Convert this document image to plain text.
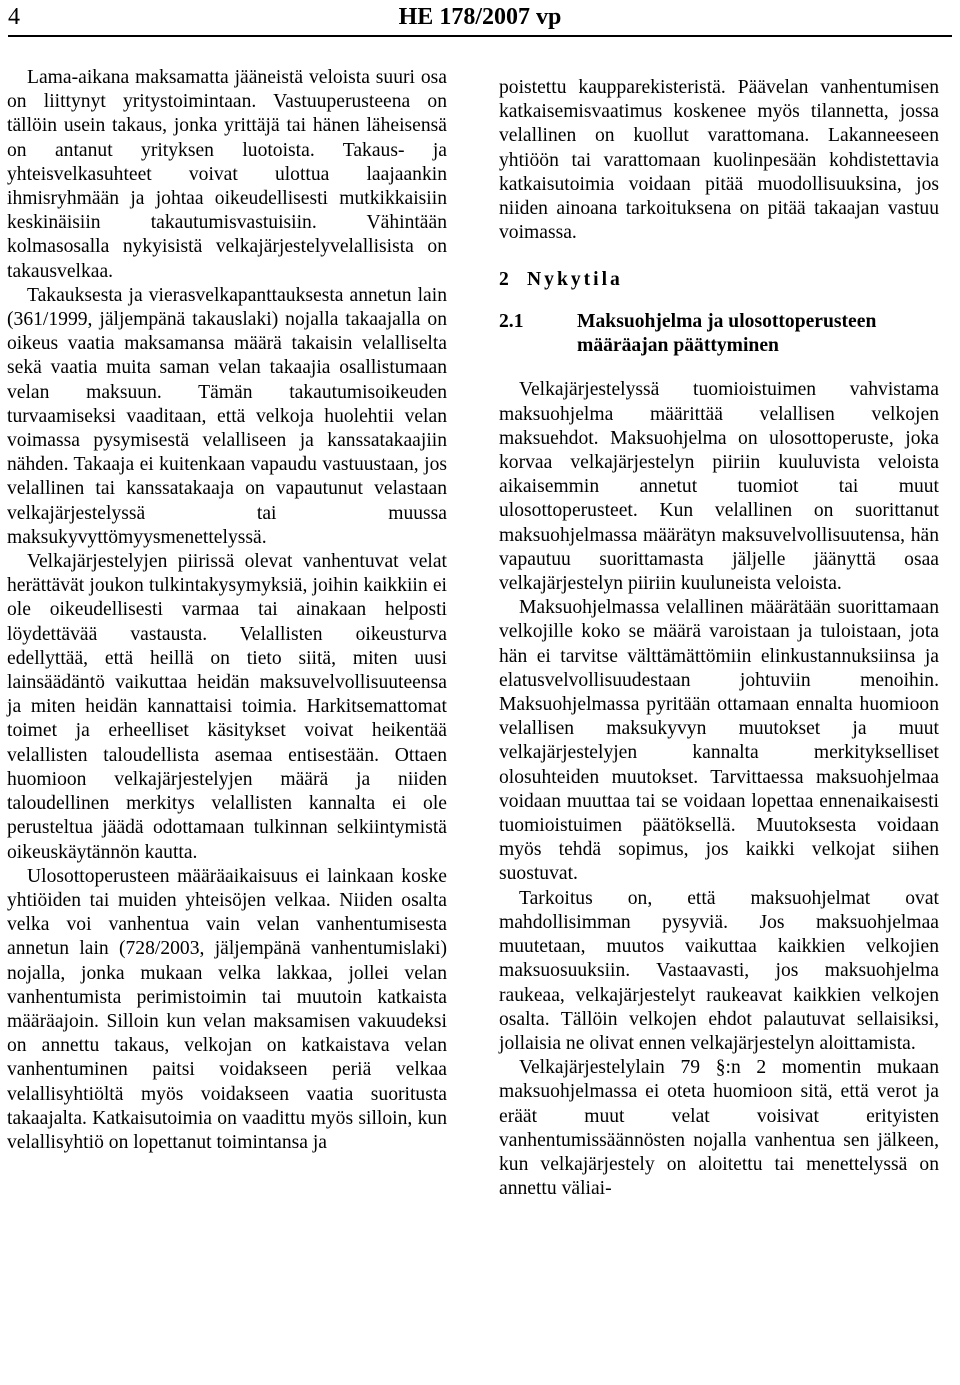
4	HE 178/2007 vp

Lama-aikana maksamatta jääneistä veloista suuri osa on liittynyt yritystoimintaan. Vastuuperusteena on tällöin usein takaus, jonka yrittäjä tai hänen läheisensä on antanut yrityksen luotoista. Takaus- ja yhteisvelkasuhteet voivat ulottua laajaankin ihmisryhmään ja johtaa oikeudellisesti mutkikkaisiin keskinäisiin takautumisvastuisiin. Vähintään kolmasosalla nykyisistä velkajärjestelyvelallisista on takausvelkaa.

Takauksesta ja vierasvelkapanttauksesta annetun lain (361/1999, jäljempänä takauslaki) nojalla takaajalla on oikeus vaatia maksamansa määrä takaisin velalliselta sekä vaatia muita saman velan takaajia osallistumaan velan maksuun. Tämän takautumisoikeuden turvaamiseksi vaaditaan, että velkoja huolehtii velan voimassa pysymisestä velalliseen ja kanssatakaajiin nähden. Takaaja ei kuitenkaan vapaudu vastuustaan, jos velallinen tai kanssatakaaja on vapautunut velastaan velkajärjestelyssä tai muussa maksukyvyttömyysmenettelyssä.

Velkajärjestelyjen piirissä olevat vanhentuvat velat herättävät joukon tulkintakysymyksiä, joihin kaikkiin ei ole oikeudellisesti varmaa tai ainakaan helposti löydettävää vastausta. Velallisten oikeusturva edellyttää, että heillä on tieto siitä, miten uusi lainsäädäntö vaikuttaa heidän maksuvelvollisuuteensa ja miten heidän kannattaisi toimia. Harkitsemattomat toimet ja erheelliset käsitykset voivat heikentää velallisten taloudellista asemaa entisestään. Ottaen huomioon velkajärjestelyjen määrä ja niiden taloudellinen merkitys velallisten kannalta ei ole perusteltua jäädä odottamaan tulkinnan selkiintymistä oikeuskäytännön kautta.

Ulosottoperusteen määräaikaisuus ei lainkaan koske yhtiöiden tai muiden yhteisöjen velkaa. Niiden osalta velka voi vanhentua vain velan vanhentumisesta annetun lain (728/2003, jäljempänä vanhentumislaki) nojalla, jonka mukaan velka lakkaa, jollei velan vanhentumista perimistoimin tai muutoin katkaista määräajoin. Silloin kun velan maksamisen vakuudeksi on annettu takaus, velkojan on katkaistava velan vanhentuminen paitsi voidakseen periä velkaa velallisyhtiöltä myös voidakseen vaatia suoritusta takaajalta. Katkaisutoimia on vaadittu myös silloin, kun velallisyhtiö on lopettanut toimintansa ja

poistettu kaupparekisteristä. Päävelan vanhentumisen katkaisemisvaatimus koskenee myös tilannetta, jossa velallinen on kuollut varattomana. Lakanneeseen yhtiöön tai varattomaan kuolinpesään kohdistettavia katkaisutoimia voidaan pitää muodollisuuksina, jos niiden ainoana tarkoituksena on pitää takaajan vastuu voimassa.

2 Nykytila
2.1	Maksuohjelma ja ulosottoperusteen määräajan päättyminen

Velkajärjestelyssä tuomioistuimen vahvistama maksuohjelma määrittää velallisen velkojen maksuehdot. Maksuohjelma on ulosottoperuste, joka korvaa velkajärjestelyn piiriin kuuluvista veloista aikaisemmin annetut tuomiot tai muut ulosottoperusteet. Kun velallinen on suorittanut maksuohjelmassa määrätyn maksuvelvollisuutensa, hän vapautuu suorittamasta jäljelle jäänyttä osaa velkajärjestelyn piiriin kuuluneista veloista.

Maksuohjelmassa velallinen määrätään suorittamaan velkojille koko se määrä varoistaan ja tuloistaan, jota hän ei tarvitse välttämättömiin elinkustannuksiinsa ja elatusvelvollisuudestaan johtuviin menoihin. Maksuohjelmassa pyritään ottamaan ennalta huomioon velallisen maksukyvyn muutokset ja muut velkajärjestelyjen kannalta merkitykselliset olosuhteiden muutokset. Tarvittaessa maksuohjelmaa voidaan muuttaa tai se voidaan lopettaa ennenaikaisesti tuomioistuimen päätöksellä. Muutoksesta voidaan myös tehdä sopimus, jos kaikki velkojat siihen suostuvat.

Tarkoitus on, että maksuohjelmat ovat mahdollisimman pysyviä. Jos maksuohjelmaa muutetaan, muutos vaikuttaa kaikkien velkojien maksuosuuksiin. Vastaavasti, jos maksuohjelma raukeaa, velkajärjestelyt raukeavat kaikkien velkojen osalta. Tällöin velkojen ehdot palautuvat sellaisiksi, jollaisia ne olivat ennen velkajärjestelyn aloittamista.

Velkajärjestelylain 79 §:n 2 momentin mukaan maksuohjelmassa ei oteta huomioon sitä, että verot ja eräät muut velat voisivat erityisten vanhentumissäännösten nojalla vanhentua sen jälkeen, kun velkajärjestely on aloitettu tai menettelyssä on annettu väliai-
